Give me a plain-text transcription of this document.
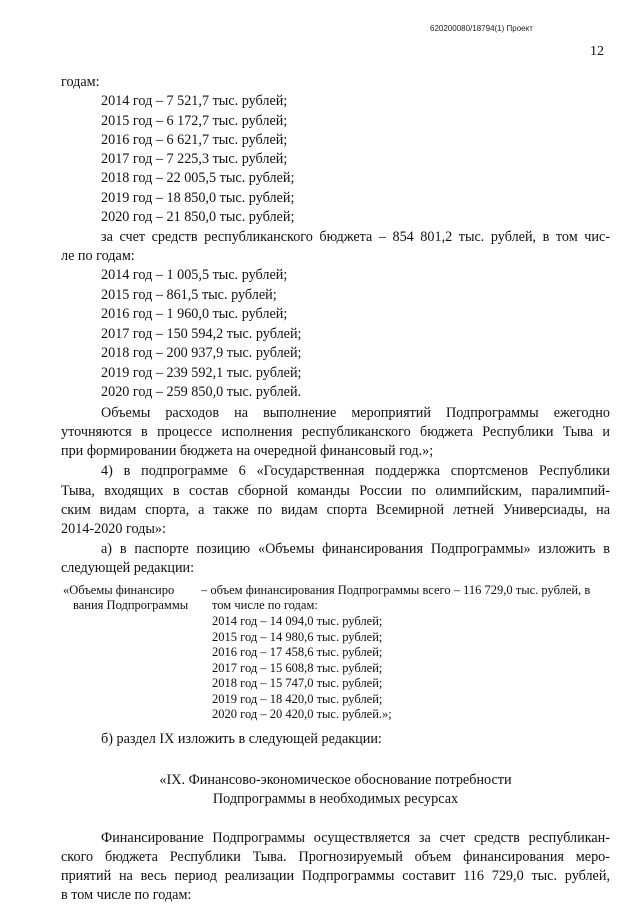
620200080/18794(1) Проект
12
годам:
2014 год – 7 521,7 тыс. рублей;
2015 год – 6 172,7 тыс. рублей;
2016 год – 6 621,7 тыс. рублей;
2017 год – 7 225,3 тыс. рублей;
2018 год – 22 005,5 тыс. рублей;
2019 год – 18 850,0 тыс. рублей;
2020 год – 21 850,0 тыс. рублей;
за счет средств республиканского бюджета – 854 801,2 тыс. рублей, в том чис-
ле по годам:
2014 год – 1 005,5 тыс. рублей;
2015 год – 861,5 тыс. рублей;
2016 год – 1 960,0 тыс. рублей;
2017 год – 150 594,2 тыс. рублей;
2018 год – 200 937,9 тыс. рублей;
2019 год – 239 592,1 тыс. рублей;
2020 год – 259 850,0 тыс. рублей.
Объемы расходов на выполнение мероприятий Подпрограммы ежегодно
уточняются в процессе исполнения республиканского бюджета Республики Тыва и
при формировании бюджета на очередной финансовый год.»;
4) в подпрограмме 6 «Государственная поддержка спортсменов Республики
Тыва, входящих в состав сборной команды России по олимпийским, паралимпий-
ским видам спорта, а также по видам спорта Всемирной летней Универсиады, на
2014-2020 годы»:
а) в паспорте позицию «Объемы финансирования Подпрограммы» изложить в
следующей редакции:
«Объемы финансиро
вания Подпрограммы
– объем финансирования Подпрограммы всего – 116 729,0 тыс. рублей, в
том числе по годам:
2014 год – 14 094,0 тыс. рублей;
2015 год – 14 980,6 тыс. рублей;
2016 год – 17 458,6 тыс. рублей;
2017 год – 15 608,8 тыс. рублей;
2018 год – 15 747,0 тыс. рублей;
2019 год – 18 420,0 тыс. рублей;
2020 год – 20 420,0 тыс. рублей.»;
б) раздел IX изложить в следующей редакции:
«IX. Финансово-экономическое обоснование потребности
Подпрограммы в необходимых ресурсах
Финансирование Подпрограммы осуществляется за счет средств республикан-
ского бюджета Республики Тыва. Прогнозируемый объем финансирования меро-
приятий на весь период реализации Подпрограммы составит 116 729,0 тыс. рублей,
в том числе по годам:
